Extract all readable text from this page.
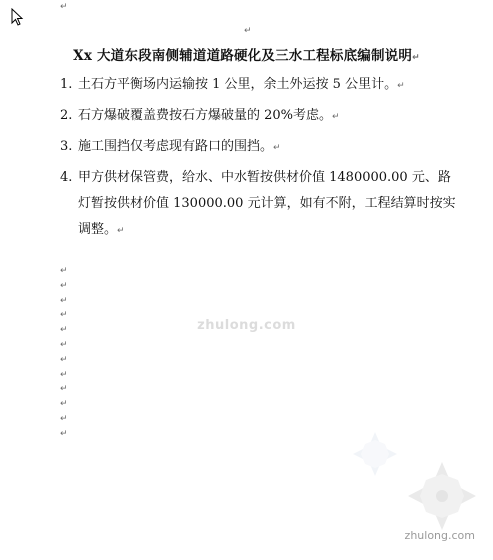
↵
↵
Xx 大道东段南侧辅道道路硬化及三水工程标底编制说明↵
1. 土石方平衡场内运输按 1 公里，余土外运按 5 公里计。↵
2. 石方爆破覆盖费按石方爆破量的 20%考虑。↵
3. 施工围挡仅考虑现有路口的围挡。↵
4. 甲方供材保管费，给水、中水暂按供材价值 1480000.00 元、路灯暂按供材价值 130000.00 元计算，如有不附，工程结算时按实调整。↵
↵
↵
↵
↵
↵
↵
↵
↵
↵
↵
↵
↵
zhulong.com
zhulong.com
